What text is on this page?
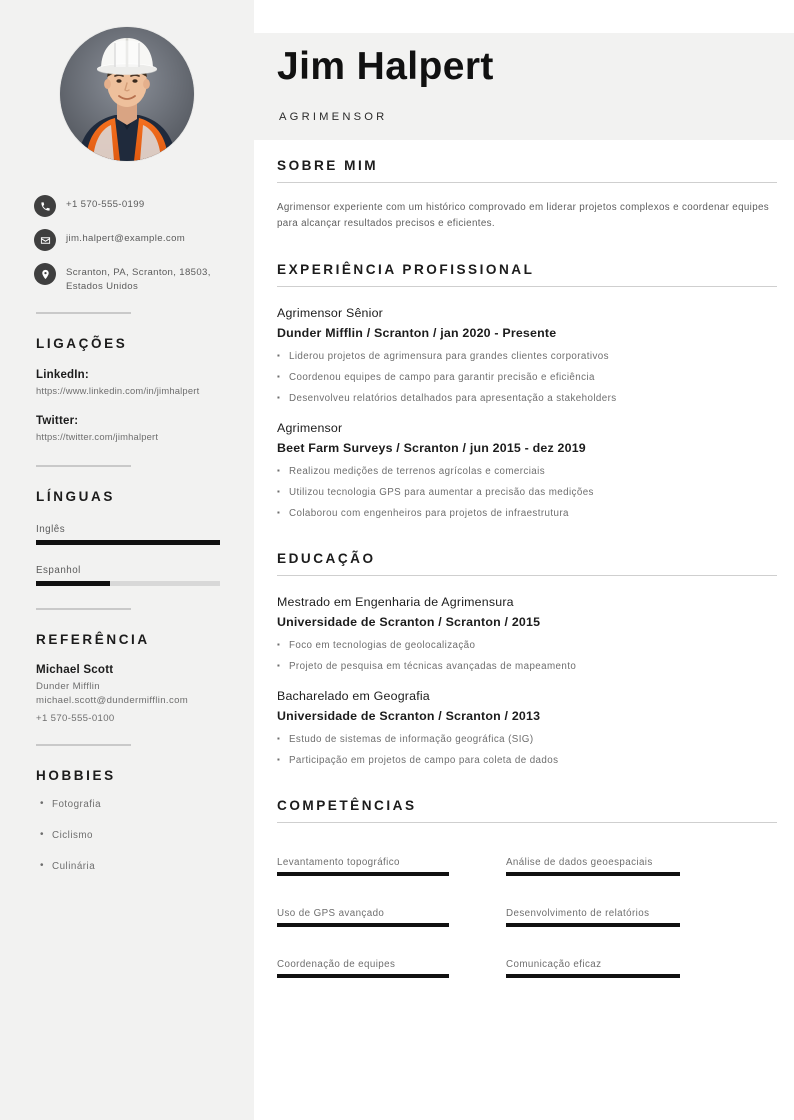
+1 570-555-0199
jim.halpert@example.com
Scranton, PA, Scranton, 18503, Estados Unidos
LIGAÇÕES
LinkedIn:
https://www.linkedin.com/in/jimhalpert
Twitter:
https://twitter.com/jimhalpert
LÍNGUAS
Inglês
Espanhol
REFERÊNCIA
Michael Scott
Dunder Mifflin
michael.scott@dundermifflin.com
+1 570-555-0100
HOBBIES
• Fotografia
• Ciclismo
• Culinária
Jim Halpert
AGRIMENSOR
SOBRE MIM

Agrimensor experiente com um histórico comprovado em liderar projetos complexos e coordenar equipes para alcançar resultados precisos e eficientes.

EXPERIÊNCIA PROFISSIONAL
Agrimensor Sênior
Dunder Mifflin / Scranton / jan 2020 - Presente
▪ Liderou projetos de agrimensura para grandes clientes corporativos
▪ Coordenou equipes de campo para garantir precisão e eficiência
▪ Desenvolveu relatórios detalhados para apresentação a stakeholders
Agrimensor
Beet Farm Surveys / Scranton / jun 2015 - dez 2019
▪ Realizou medições de terrenos agrícolas e comerciais
▪ Utilizou tecnologia GPS para aumentar a precisão das medições
▪ Colaborou com engenheiros para projetos de infraestrutura
EDUCAÇÃO
Mestrado em Engenharia de Agrimensura
Universidade de Scranton / Scranton / 2015
▪ Foco em tecnologias de geolocalização
▪ Projeto de pesquisa em técnicas avançadas de mapeamento
Bacharelado em Geografia
Universidade de Scranton / Scranton / 2013
▪ Estudo de sistemas de informação geográfica (SIG)
▪ Participação em projetos de campo para coleta de dados
COMPETÊNCIAS
Levantamento topográfico	Análise de dados geoespaciais
Uso de GPS avançado	Desenvolvimento de relatórios
Coordenação de equipes	Comunicação eficaz
